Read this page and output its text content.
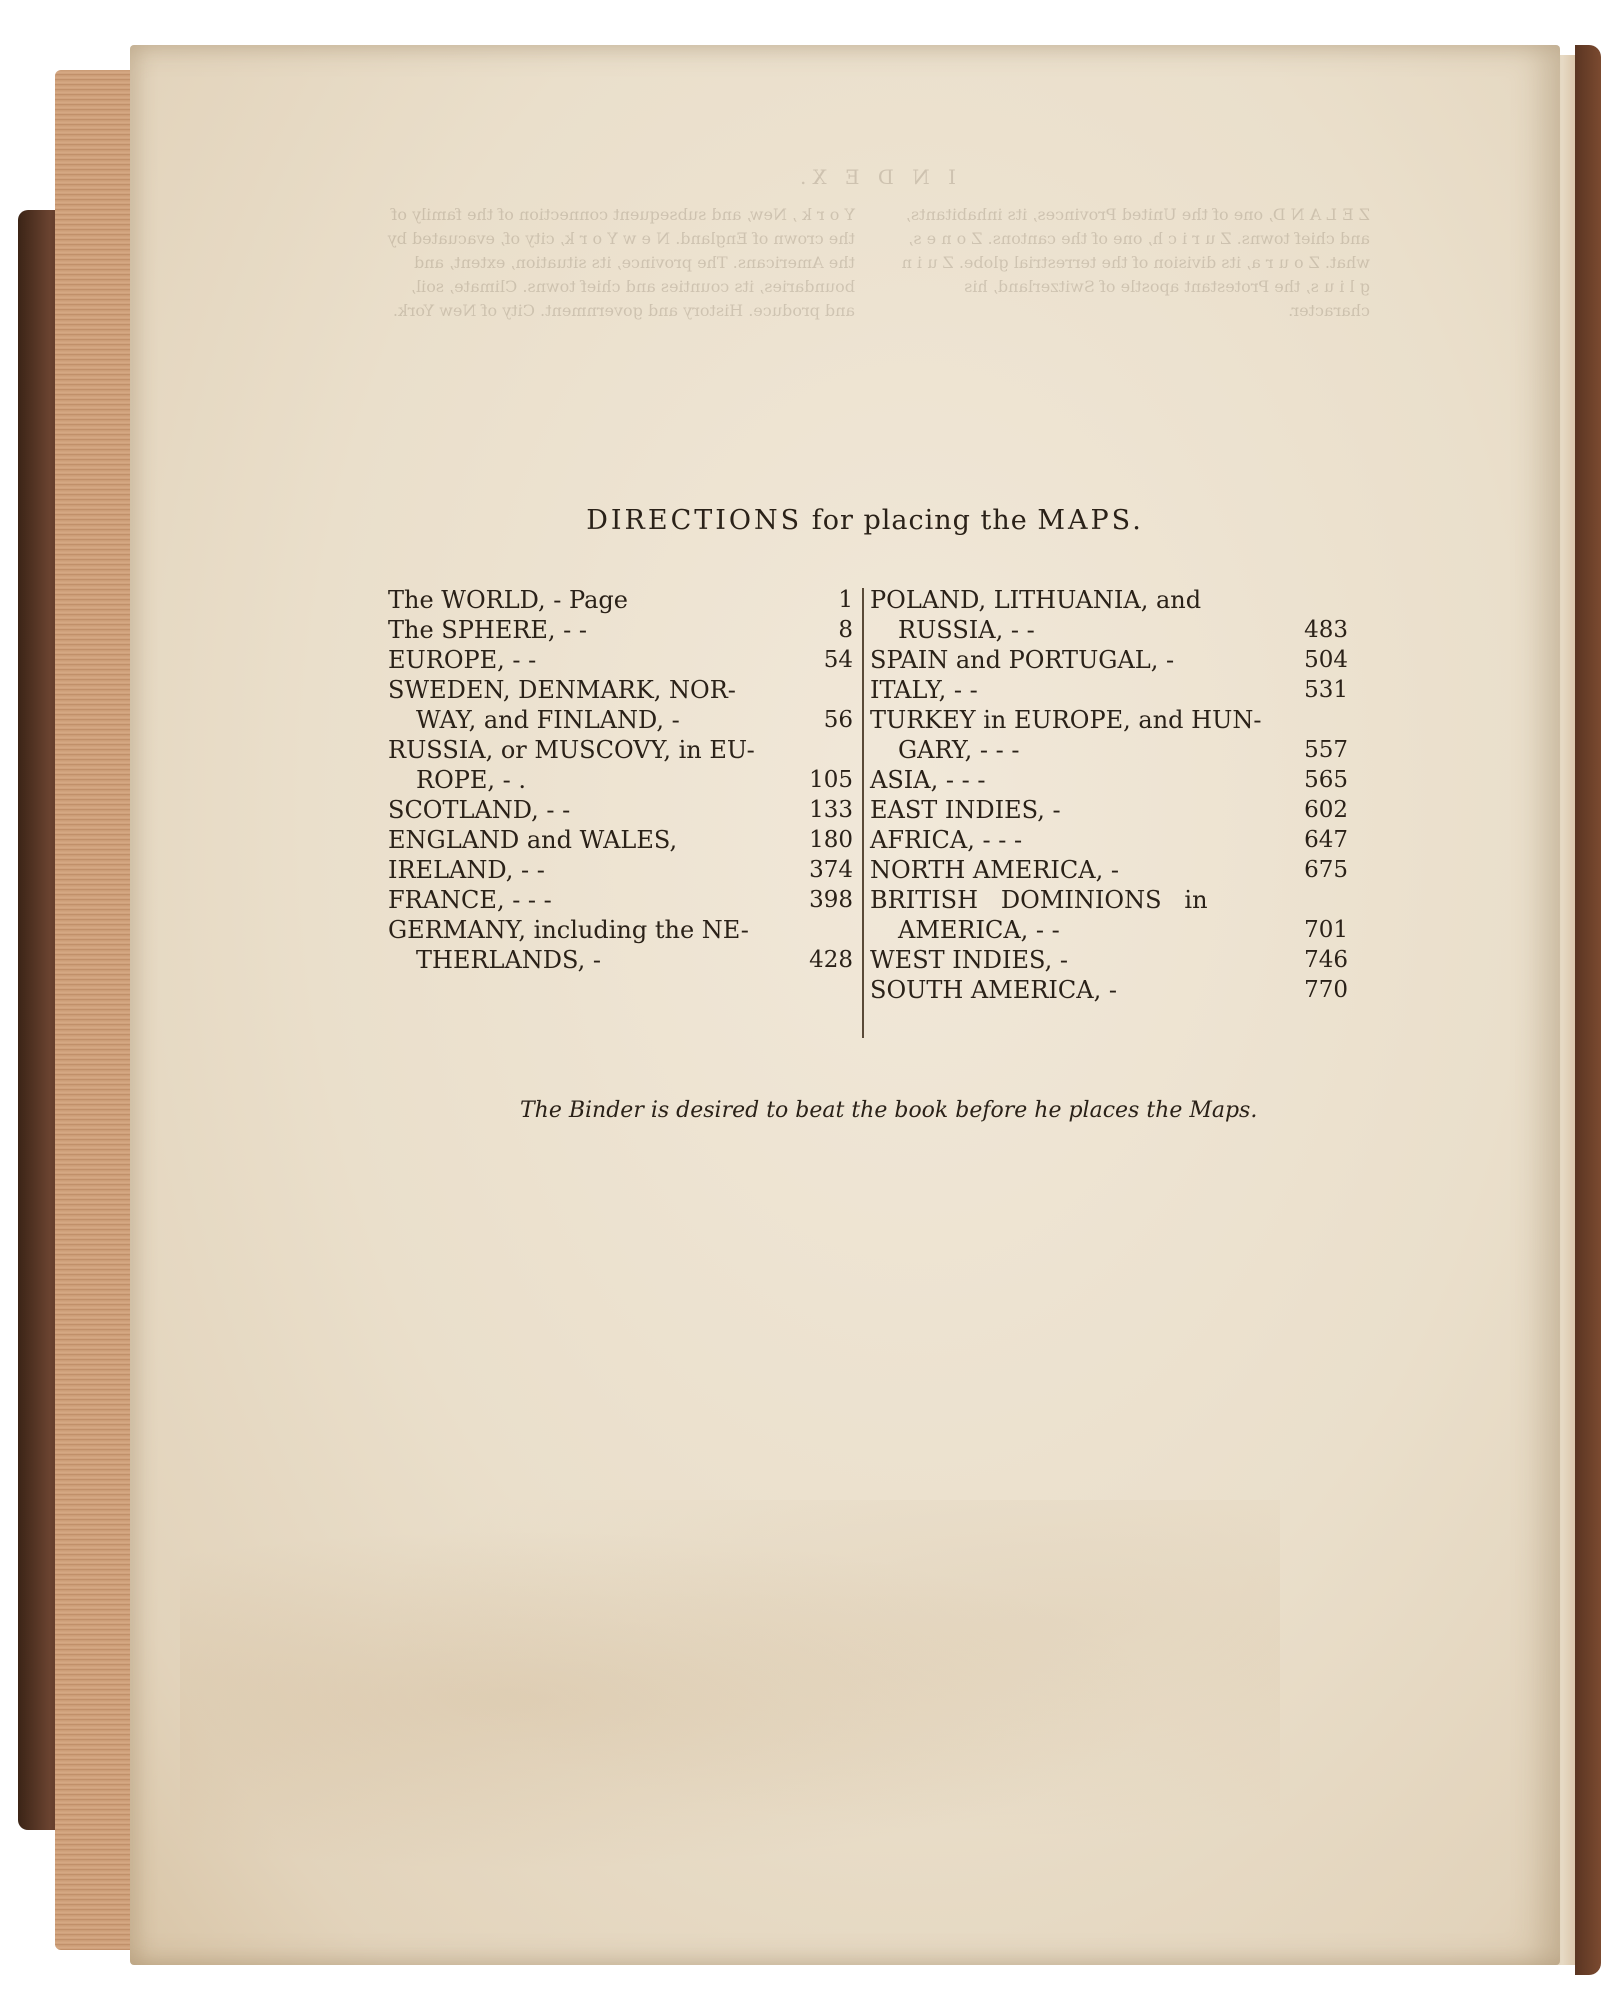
I N D E X.
Z E L A N D, one of the United Provinces, its inhabitants, and chief towns. Z u r i c h, one of the cantons. Z o n e s, what. Z o u r a, its division of the terrestrial globe. Z u i n g l i u s, the Protestant apostle of Switzerland, his character.
Y o r k , New, and subsequent connection of the family of the crown of England. N e w Y o r k, city of, evacuated by the Americans. The province, its situation, extent, and boundaries, its counties and chief towns. Climate, soil, and produce. History and government. City of New York.
DIRECTIONS for placing the MAPS.
The WORLD, - Page	1
The SPHERE, - -	8
EUROPE, - -	54
SWEDEN, DENMARK, NOR-
WAY, and FINLAND, -	56
RUSSIA, or MUSCOVY, in EU-
ROPE, - .	105
SCOTLAND, - -	133
ENGLAND and WALES,	180
IRELAND, - -	374
FRANCE, - - -	398
GERMANY, including the NE-
THERLANDS, -	428
POLAND, LITHUANIA, and
RUSSIA, - -	483
SPAIN and PORTUGAL, -	504
ITALY, - -	531
TURKEY in EUROPE, and HUN-
GARY, - - -	557
ASIA, - - -	565
EAST INDIES, -	602
AFRICA, - - -	647
NORTH AMERICA, -	675
BRITISH   DOMINIONS   in
AMERICA, - -	701
WEST INDIES, -	746
SOUTH AMERICA, -	770
The Binder is desired to beat the book before he places the Maps.
